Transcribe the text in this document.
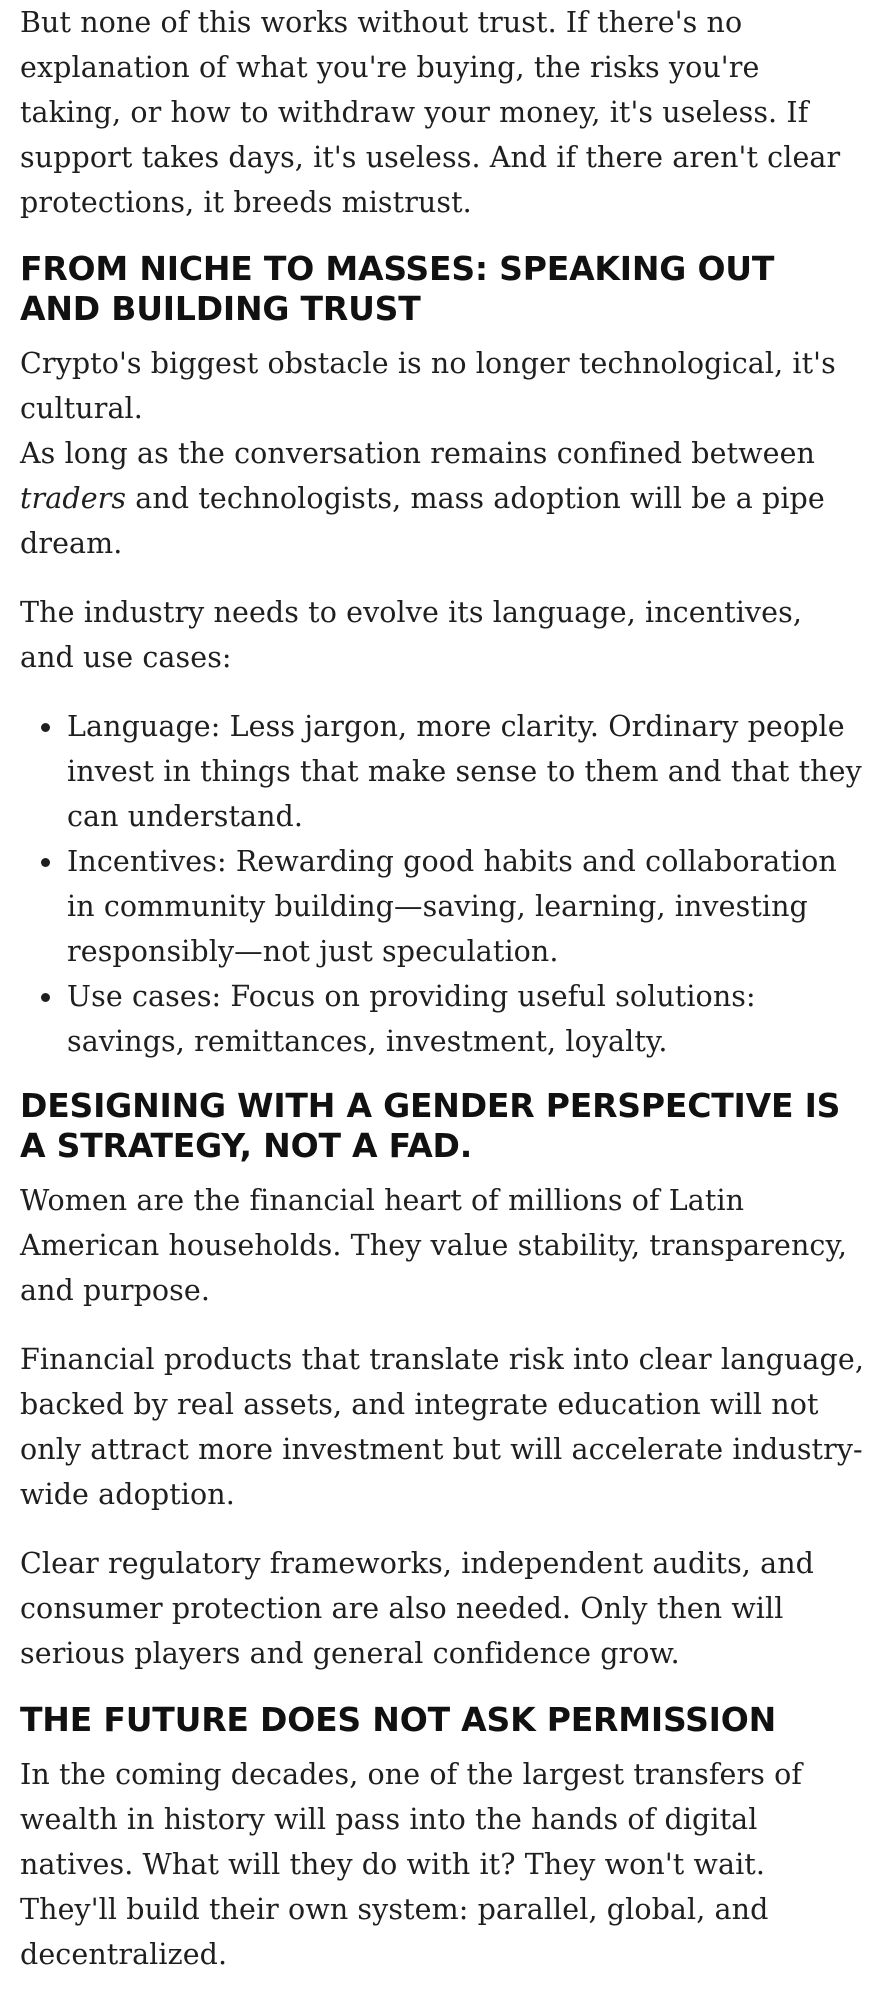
But none of this works without trust. If there's no explanation of what you're buying, the risks you're taking, or how to withdraw your money, it's useless. If support takes days, it's useless. And if there aren't clear protections, it breeds mistrust.

FROM NICHE TO MASSES: SPEAKING OUT AND BUILDING TRUST

Crypto's biggest obstacle is no longer technological, it's cultural.

As long as the conversation remains confined between traders and technologists, mass adoption will be a pipe dream.

The industry needs to evolve its language, incentives, and use cases:

Language: Less jargon, more clarity. Ordinary people invest in things that make sense to them and that they can understand.
Incentives: Rewarding good habits and collaboration in community building—saving, learning, investing responsibly—not just speculation.
Use cases: Focus on providing useful solutions: savings, remittances, investment, loyalty.
DESIGNING WITH A GENDER PERSPECTIVE IS A STRATEGY, NOT A FAD.

Women are the financial heart of millions of Latin American households. They value stability, transparency, and purpose.

Financial products that translate risk into clear language, backed by real assets, and integrate education will not only attract more investment but will accelerate industry-wide adoption.

Clear regulatory frameworks, independent audits, and consumer protection are also needed. Only then will serious players and general confidence grow.

THE FUTURE DOES NOT ASK PERMISSION

In the coming decades, one of the largest transfers of wealth in history will pass into the hands of digital natives. What will they do with it? They won't wait. They'll build their own system: parallel, global, and decentralized.
